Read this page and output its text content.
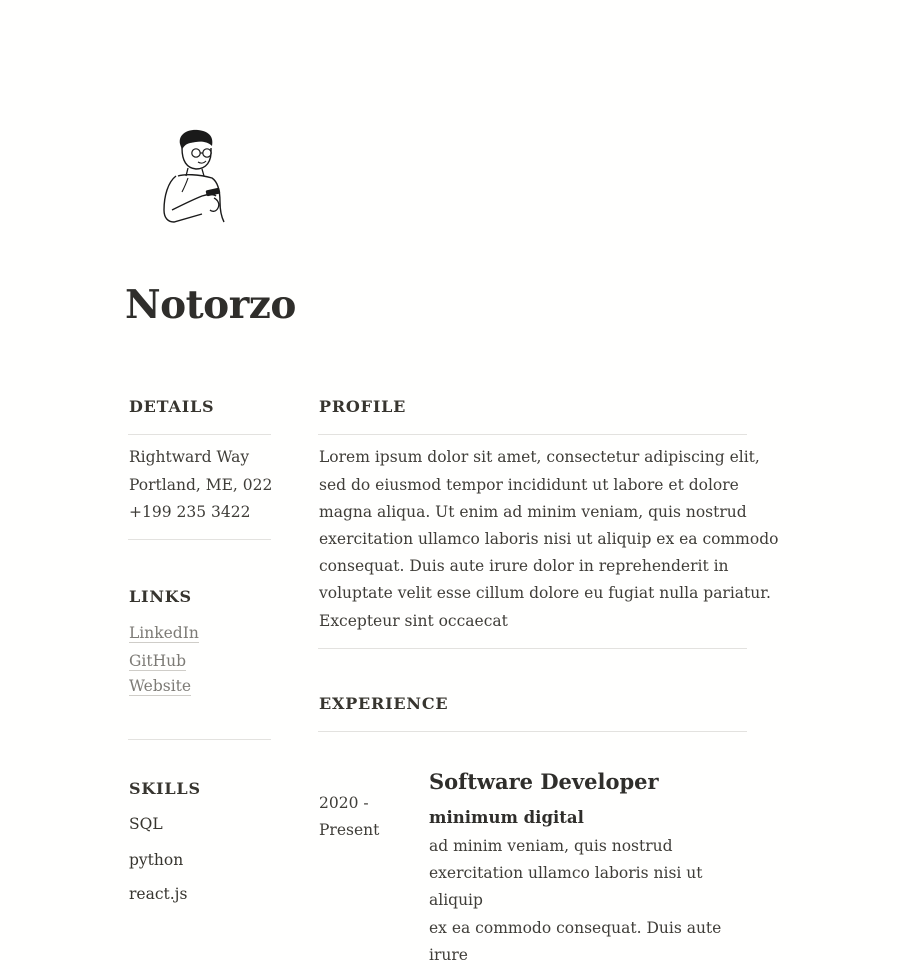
Notorzo
DETAILS

Rightward Way

Portland, ME, 022

+199 235 3422

LINKS
LinkedIn
GitHub
Website
SKILLS
SQL
python
react.js
PROFILE

Lorem ipsum dolor sit amet, consectetur adipiscing elit,

sed do eiusmod tempor incididunt ut labore et dolore

magna aliqua. Ut enim ad minim veniam, quis nostrud

exercitation ullamco laboris nisi ut aliquip ex ea commodo

consequat. Duis aute irure dolor in reprehenderit in

voluptate velit esse cillum dolore eu fugiat nulla pariatur.

Excepteur sint occaecat

EXPERIENCE
2020 -
Present
Software Developer
minimum digital
ad minim veniam, quis nostrud
exercitation ullamco laboris nisi ut aliquip
ex ea commodo consequat. Duis aute irure
